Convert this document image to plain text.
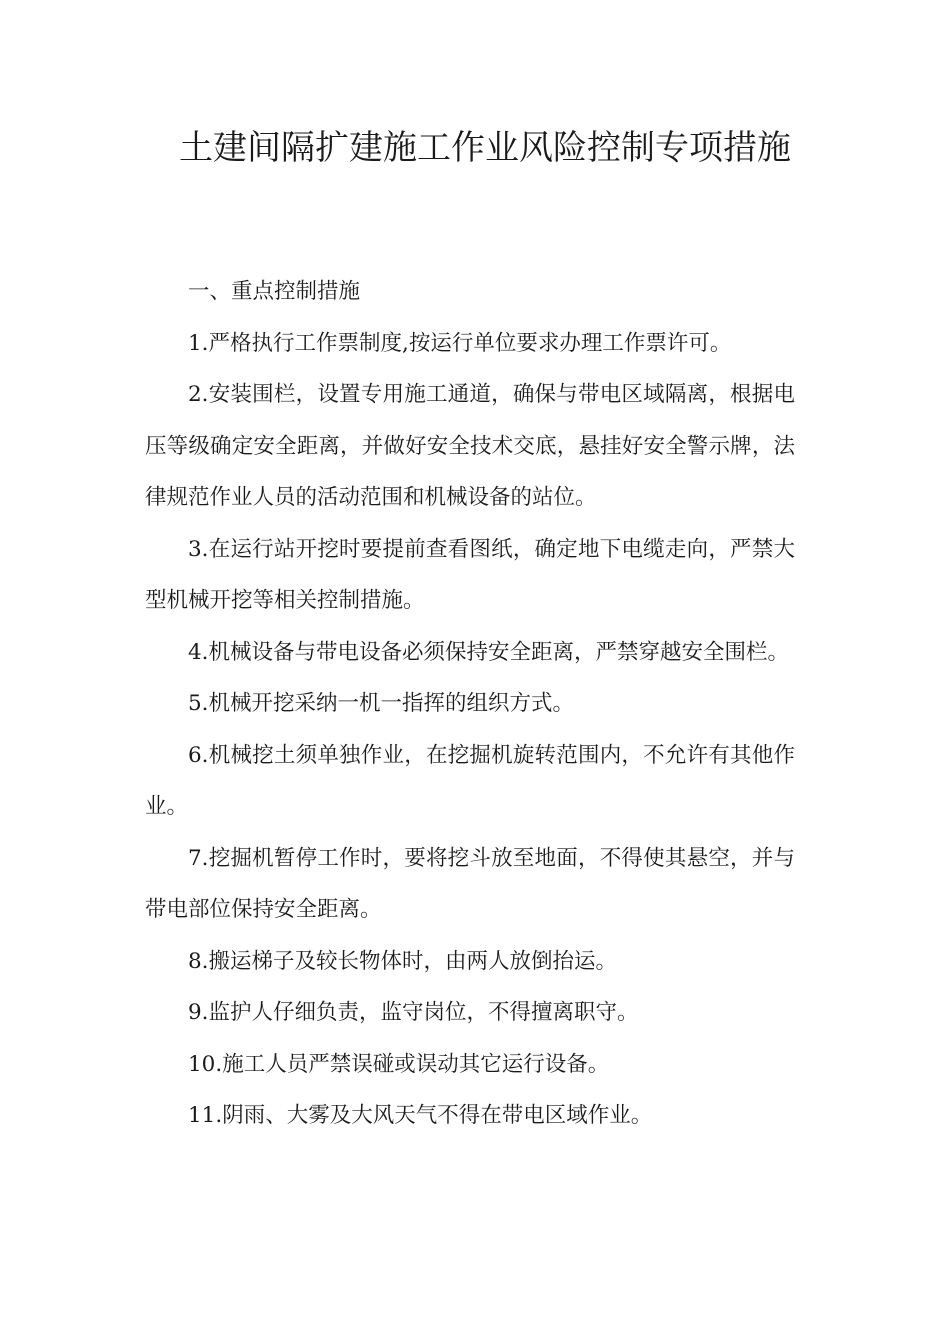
土建间隔扩建施工作业风险控制专项措施

一、重点控制措施

1.严格执行工作票制度,按运行单位要求办理工作票许可。

2.安装围栏，设置专用施工通道，确保与带电区域隔离，根据电压等级确定安全距离，并做好安全技术交底，悬挂好安全警示牌，法律规范作业人员的活动范围和机械设备的站位。

3.在运行站开挖时要提前查看图纸，确定地下电缆走向，严禁大型机械开挖等相关控制措施。

4.机械设备与带电设备必须保持安全距离，严禁穿越安全围栏。

5.机械开挖采纳一机一指挥的组织方式。

6.机械挖土须单独作业，在挖掘机旋转范围内，不允许有其他作业。

7.挖掘机暂停工作时，要将挖斗放至地面，不得使其悬空，并与带电部位保持安全距离。

8.搬运梯子及较长物体时，由两人放倒抬运。

9.监护人仔细负责，监守岗位，不得擅离职守。

10.施工人员严禁误碰或误动其它运行设备。

11.阴雨、大雾及大风天气不得在带电区域作业。
